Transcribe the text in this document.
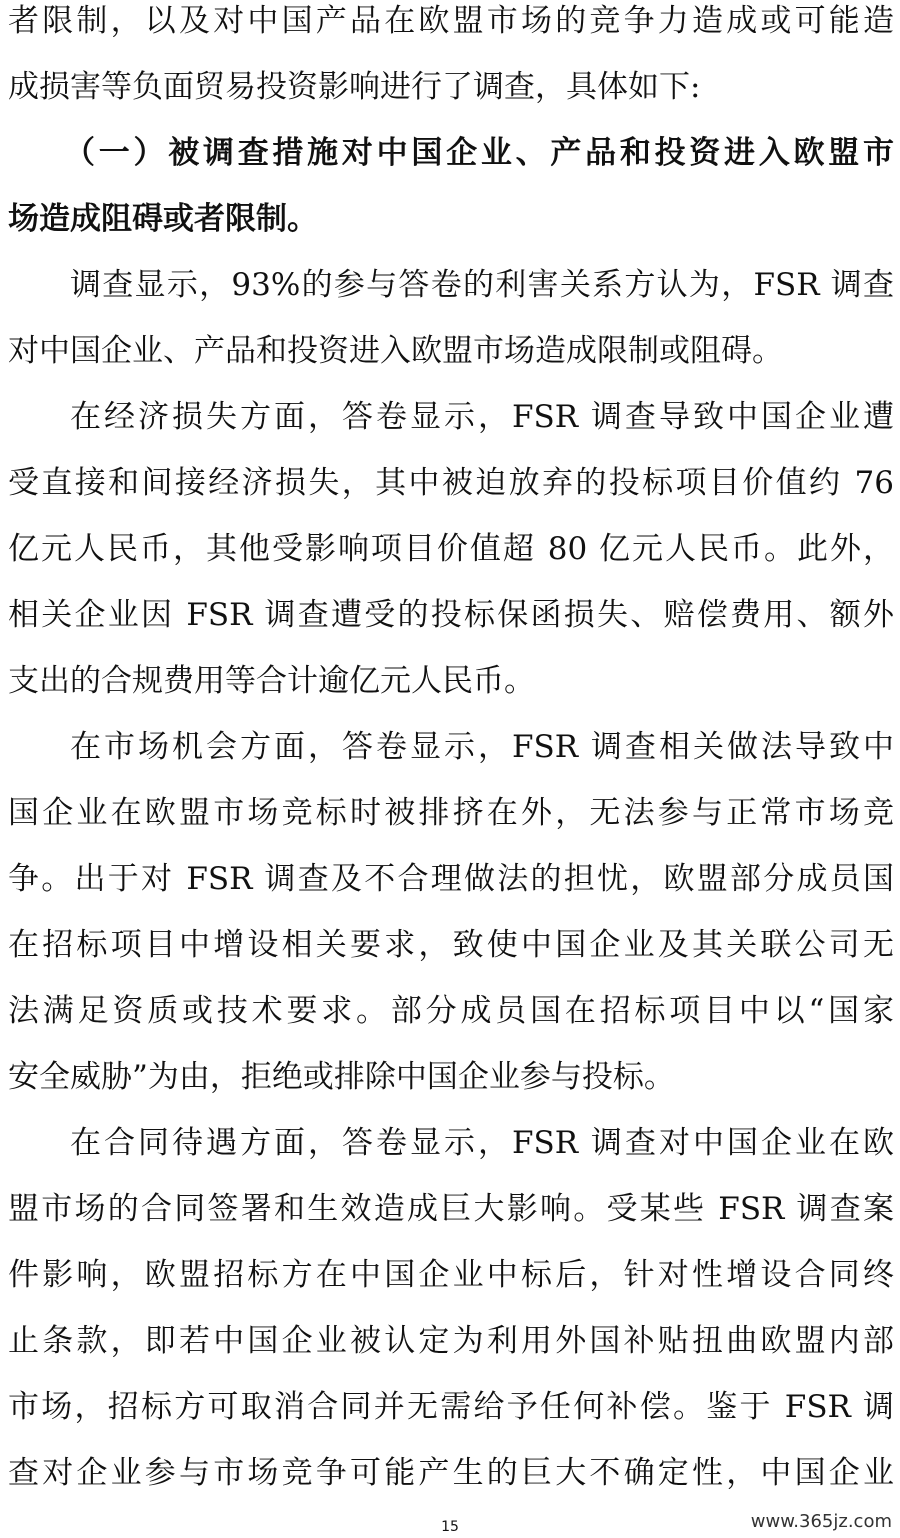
者限制，以及对中国产品在欧盟市场的竞争力造成或可能造
成损害等负面贸易投资影响进行了调查，具体如下:
（一）被调查措施对中国企业、产品和投资进入欧盟市
场造成阻碍或者限制。
调查显示，93%的参与答卷的利害关系方认为，FSR 调查
对中国企业、产品和投资进入欧盟市场造成限制或阻碍。
在经济损失方面，答卷显示，FSR 调查导致中国企业遭
受直接和间接经济损失，其中被迫放弃的投标项目价值约 76
亿元人民币，其他受影响项目价值超 80 亿元人民币。此外，
相关企业因 FSR 调查遭受的投标保函损失、赔偿费用、额外
支出的合规费用等合计逾亿元人民币。
在市场机会方面，答卷显示，FSR 调查相关做法导致中
国企业在欧盟市场竞标时被排挤在外，无法参与正常市场竞
争。出于对 FSR 调查及不合理做法的担忧，欧盟部分成员国
在招标项目中增设相关要求，致使中国企业及其关联公司无
法满足资质或技术要求。部分成员国在招标项目中以“国家
安全威胁”为由，拒绝或排除中国企业参与投标。
在合同待遇方面，答卷显示，FSR 调查对中国企业在欧
盟市场的合同签署和生效造成巨大影响。受某些 FSR 调查案
件影响，欧盟招标方在中国企业中标后，针对性增设合同终
止条款，即若中国企业被认定为利用外国补贴扭曲欧盟内部
市场，招标方可取消合同并无需给予任何补偿。鉴于 FSR 调
查对企业参与市场竞争可能产生的巨大不确定性，中国企业
15	www.365jz.com
